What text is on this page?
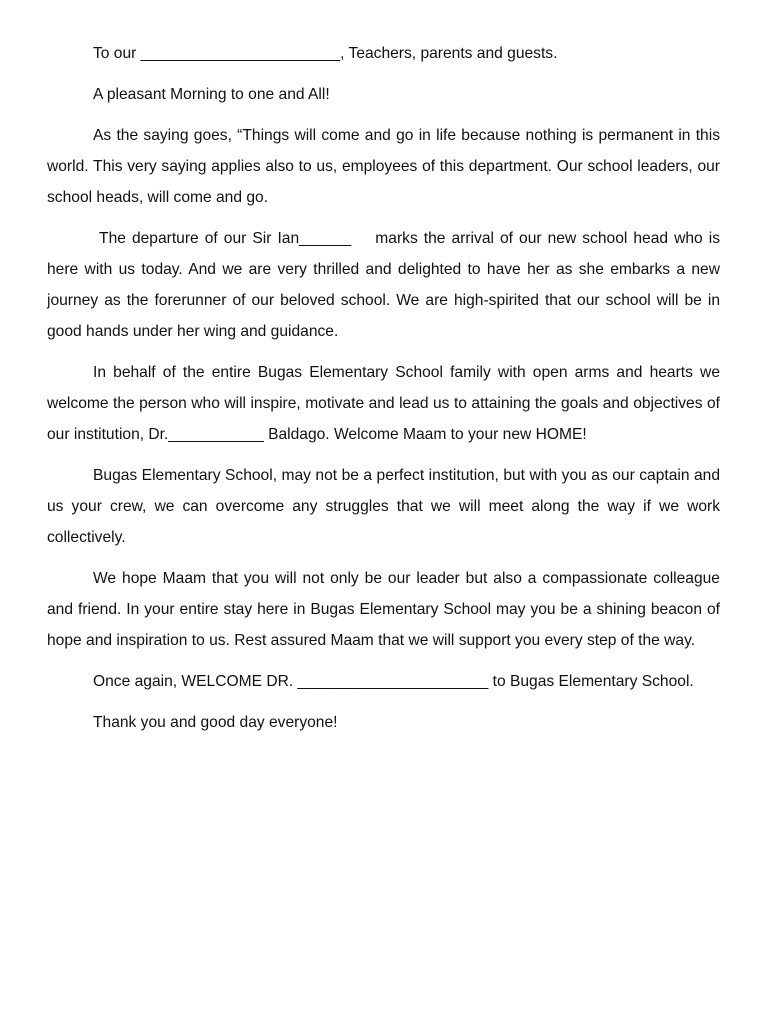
To our _______________________, Teachers, parents and guests.

A pleasant Morning to one and All!

As the saying goes, “Things will come and go in life because nothing is permanent in this world. This very saying applies also to us, employees of this department. Our school leaders, our school heads, will come and go.

The departure of our Sir Ian______    marks the arrival of our new school head who is here with us today. And we are very thrilled and delighted to have her as she embarks a new journey as the forerunner of our beloved school. We are high-spirited that our school will be in good hands under her wing and guidance.

In behalf of the entire Bugas Elementary School family with open arms and hearts we welcome the person who will inspire, motivate and lead us to attaining the goals and objectives of our institution, Dr.___________ Baldago. Welcome Maam to your new HOME!

Bugas Elementary School, may not be a perfect institution, but with you as our captain and us your crew, we can overcome any struggles that we will meet along the way if we work collectively.

We hope Maam that you will not only be our leader but also a compassionate colleague and friend. In your entire stay here in Bugas Elementary School may you be a shining beacon of hope and inspiration to us. Rest assured Maam that we will support you every step of the way.

Once again, WELCOME DR. ______________________ to Bugas Elementary School.

Thank you and good day everyone!
